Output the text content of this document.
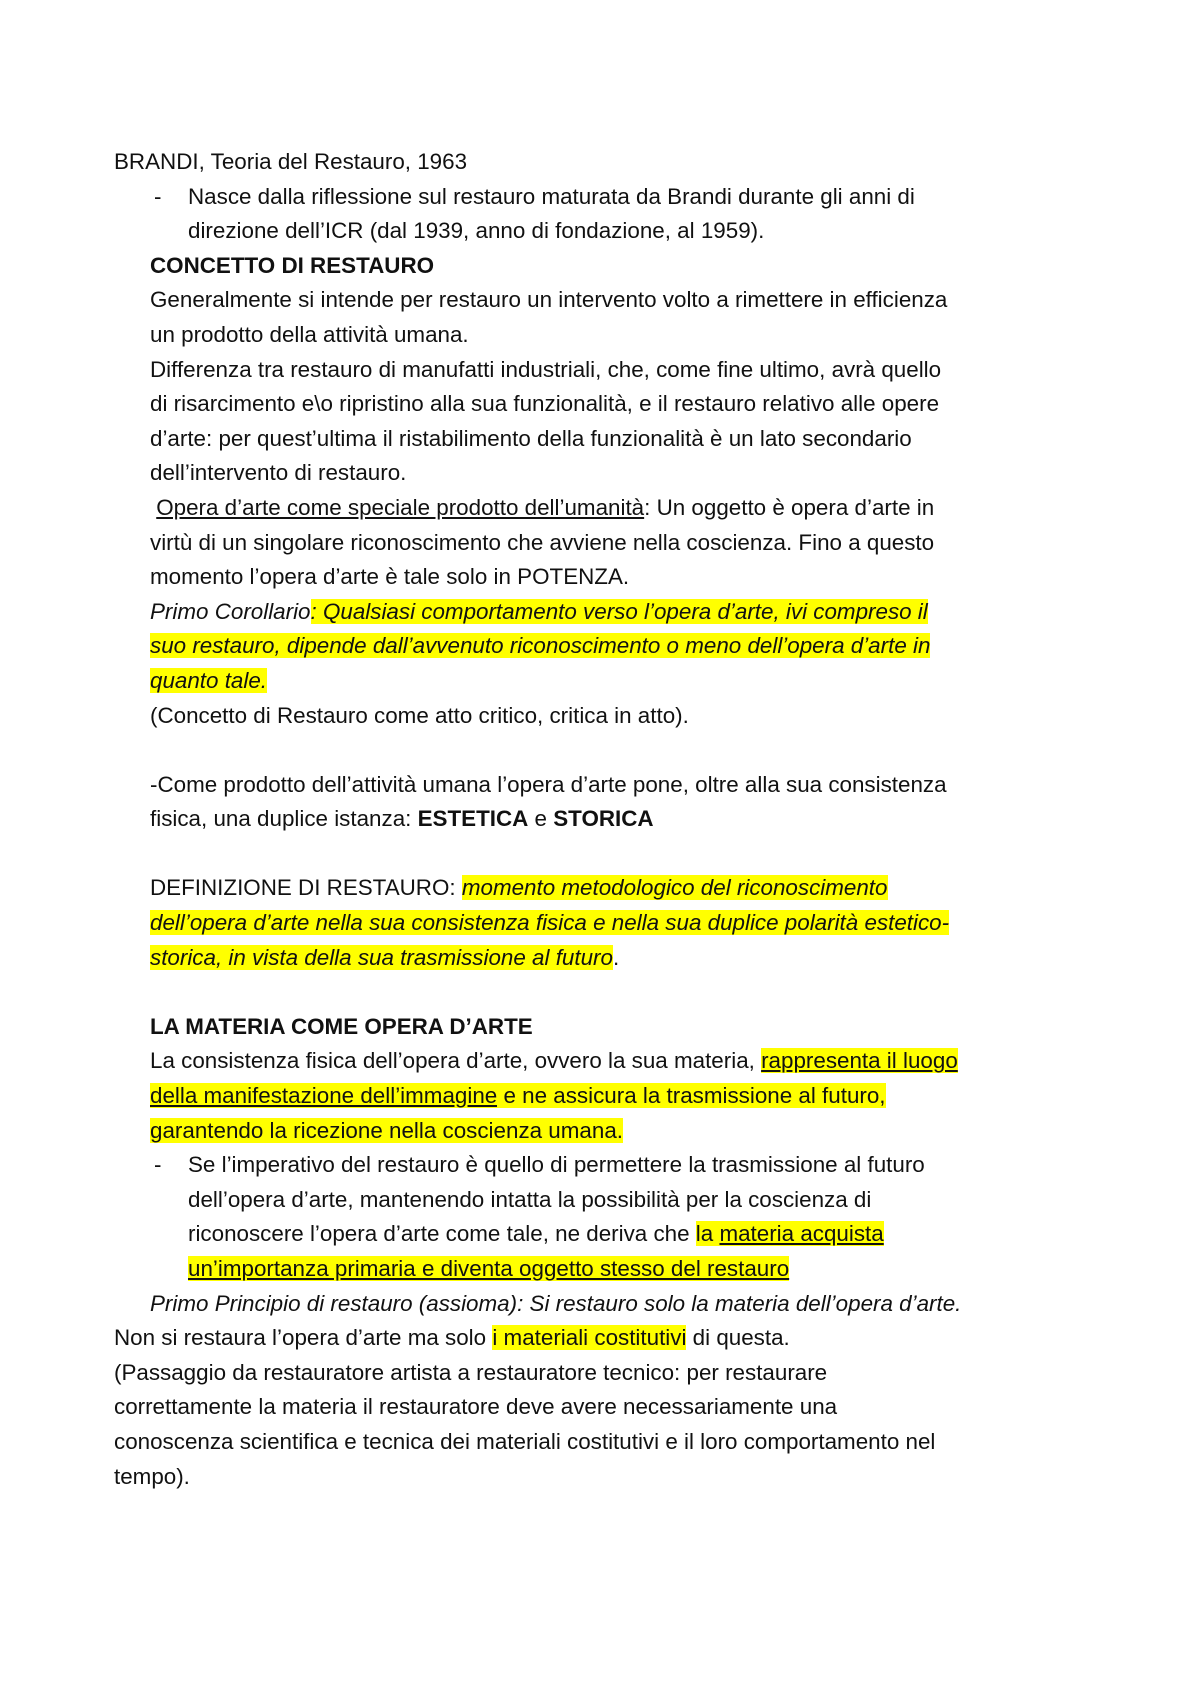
BRANDI, Teoria del Restauro, 1963
- Nasce dalla riflessione sul restauro maturata da Brandi durante gli anni di
direzione dell’ICR (dal 1939, anno di fondazione, al 1959).
CONCETTO DI RESTAURO
Generalmente si intende per restauro un intervento volto a rimettere in efficienza
un prodotto della attività umana.
Differenza tra restauro di manufatti industriali, che, come fine ultimo, avrà quello
di risarcimento e\o ripristino alla sua funzionalità, e il restauro relativo alle opere
d’arte: per quest’ultima il ristabilimento della funzionalità è un lato secondario
dell’intervento di restauro.
Opera d’arte come speciale prodotto dell’umanità: Un oggetto è opera d’arte in
virtù di un singolare riconoscimento che avviene nella coscienza. Fino a questo
momento l’opera d’arte è tale solo in POTENZA.
Primo Corollario: Qualsiasi comportamento verso l’opera d’arte, ivi compreso il
suo restauro, dipende dall’avvenuto riconoscimento o meno dell’opera d’arte in
quanto tale.
(Concetto di Restauro come atto critico, critica in atto).
-Come prodotto dell’attività umana l’opera d’arte pone, oltre alla sua consistenza
fisica, una duplice istanza: ESTETICA e STORICA
DEFINIZIONE DI RESTAURO: momento metodologico del riconoscimento
dell’opera d’arte nella sua consistenza fisica e nella sua duplice polarità estetico-
storica, in vista della sua trasmissione al futuro.
LA MATERIA COME OPERA D’ARTE
La consistenza fisica dell’opera d’arte, ovvero la sua materia, rappresenta il luogo
della manifestazione dell’immagine e ne assicura la trasmissione al futuro,
garantendo la ricezione nella coscienza umana.
- Se l’imperativo del restauro è quello di permettere la trasmissione al futuro
dell’opera d’arte, mantenendo intatta la possibilità per la coscienza di
riconoscere l’opera d’arte come tale, ne deriva che la materia acquista
un’importanza primaria e diventa oggetto stesso del restauro
Primo Principio di restauro (assioma): Si restauro solo la materia dell’opera d’arte.
Non si restaura l’opera d’arte ma solo i materiali costitutivi di questa.
(Passaggio da restauratore artista a restauratore tecnico: per restaurare
correttamente la materia il restauratore deve avere necessariamente una
conoscenza scientifica e tecnica dei materiali costitutivi e il loro comportamento nel
tempo).
